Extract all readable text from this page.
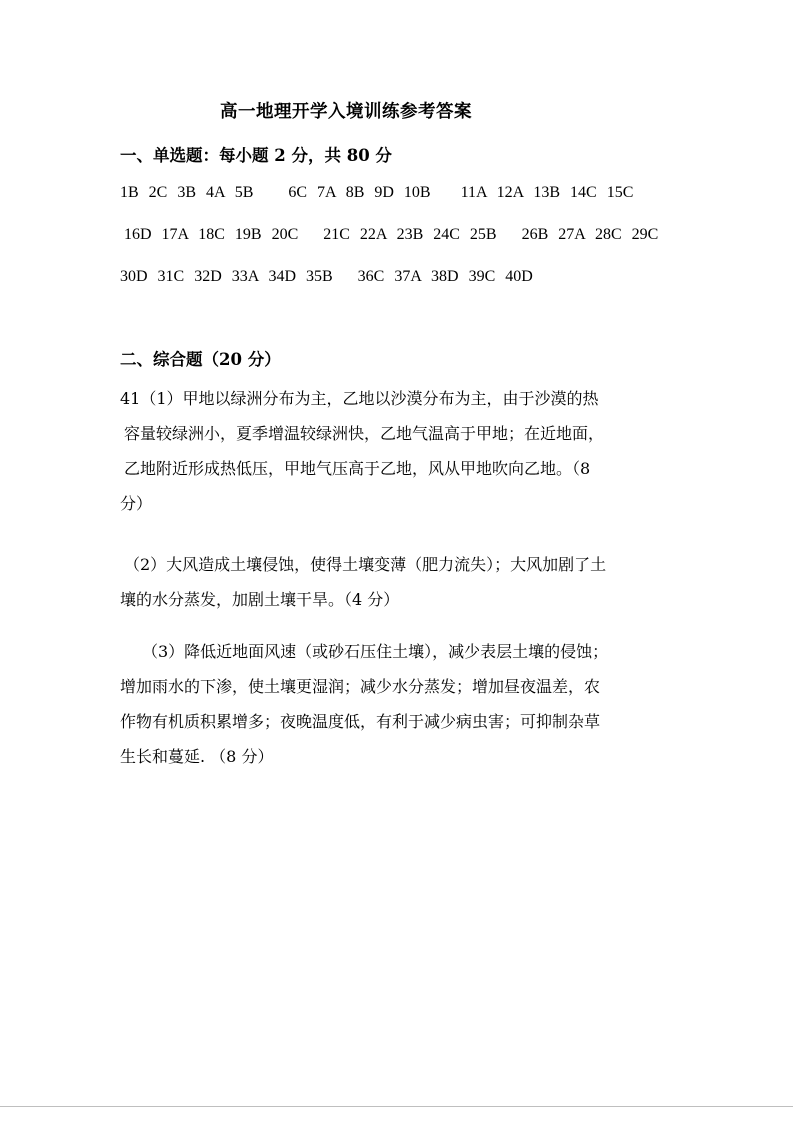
高一地理开学入境训练参考答案
一、单选题：每小题 2 分，共 80 分
1B  2C  3B  4A  5B       6C  7A  8B  9D  10B      11A  12A  13B  14C  15C
16D  17A  18C  19B  20C     21C  22A  23B  24C  25B     26B  27A  28C  29C
30D  31C  32D  33A  34D  35B     36C  37A  38D  39C  40D
二、综合题（20 分）
41（1）甲地以绿洲分布为主，乙地以沙漠分布为主，由于沙漠的热
容量较绿洲小，夏季增温较绿洲快，乙地气温高于甲地；在近地面，
乙地附近形成热低压，甲地气压高于乙地，风从甲地吹向乙地。（8
分）
（2）大风造成土壤侵蚀，使得土壤变薄（肥力流失）；大风加剧了土
壤的水分蒸发，加剧土壤干旱。（4 分）
（3）降低近地面风速（或砂石压住土壤），减少表层土壤的侵蚀；
增加雨水的下渗，使土壤更湿润；减少水分蒸发；增加昼夜温差，农
作物有机质积累增多；夜晚温度低，有利于减少病虫害；可抑制杂草
生长和蔓延. （8 分）
